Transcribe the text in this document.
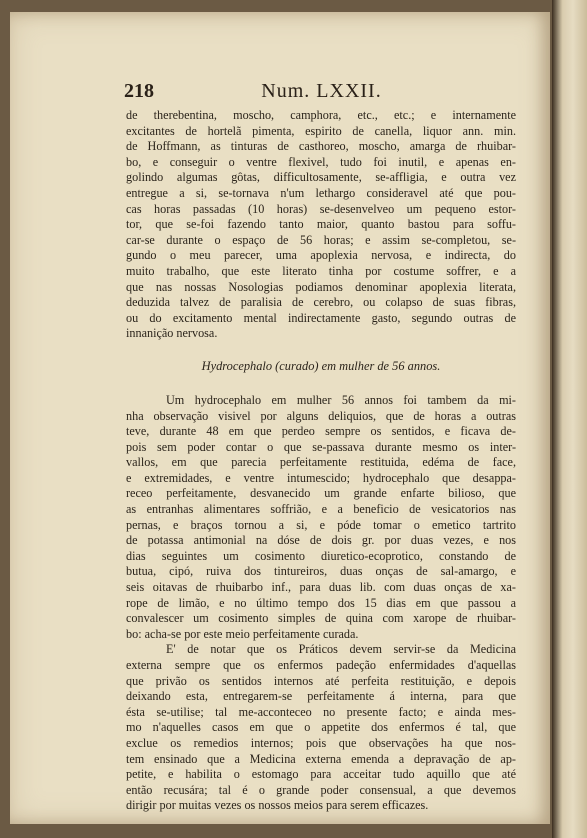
218	Num. LXXII.
de therebentina, moscho, camphora, etc., etc.; e internamente
excitantes de hortelã pimenta, espirito de canella, liquor ann. min.
de Hoffmann, as tinturas de casthoreo, moscho, amarga de rhuibar-
bo, e conseguir o ventre flexivel, tudo foi inutil, e apenas en-
golindo algumas gôtas, difficultosamente, se-affligia, e outra vez
entregue a si, se-tornava n'um lethargo consideravel até que pou-
cas horas passadas (10 horas) se-desenvelveo um pequeno estor-
tor, que se-foi fazendo tanto maior, quanto bastou para soffu-
car-se durante o espaço de 56 horas; e assim se-completou, se-
gundo o meu parecer, uma apoplexia nervosa, e indirecta, do
muito trabalho, que este literato tinha por costume soffrer, e a
que nas nossas Nosologias podiamos denominar apoplexia literata,
deduzida talvez de paralisia de cerebro, ou colapso de suas fibras,
ou do excitamento mental indirectamente gasto, segundo outras de
innanição nervosa.
Hydrocephalo (curado) em mulher de 56 annos.
Um hydrocephalo em mulher 56 annos foi tambem da mi-
nha observação visivel por alguns deliquios, que de horas a outras
teve, durante 48 em que perdeo sempre os sentidos, e ficava de-
pois sem poder contar o que se-passava durante mesmo os inter-
vallos, em que parecia perfeitamente restituida, edéma de face,
e extremidades, e ventre intumescido; hydrocephalo que desappa-
receo perfeitamente, desvanecido um grande enfarte bilioso, que
as entranhas alimentares soffrião, e a beneficio de vesicatorios nas
pernas, e braços tornou a si, e póde tomar o emetico tartrito
de potassa antimonial na dóse de dois gr. por duas vezes, e nos
dias seguintes um cosimento diuretico-ecoprotico, constando de
butua, cipó, ruiva dos tintureiros, duas onças de sal-amargo, e
seis oitavas de rhuibarbo inf., para duas lib. com duas onças de xa-
rope de limão, e no último tempo dos 15 dias em que passou a
convalescer um cosimento simples de quina com xarope de rhuibar-
bo: acha-se por este meio perfeitamente curada.
E' de notar que os Práticos devem servir-se da Medicina
externa sempre que os enfermos padeção enfermidades d'aquellas
que privão os sentidos internos até perfeita restituição, e depois
deixando esta, entregarem-se perfeitamente á interna, para que
ésta se-utilise; tal me-acconteceo no presente facto; e ainda mes-
mo n'aquelles casos em que o appetite dos enfermos é tal, que
exclue os remedios internos; pois que observações ha que nos-
tem ensinado que a Medicina externa emenda a depravação de ap-
petite, e habilita o estomago para acceitar tudo aquillo que até
então recusára; tal é o grande poder consensual, a que devemos
dirigir por muitas vezes os nossos meios para serem efficazes.
